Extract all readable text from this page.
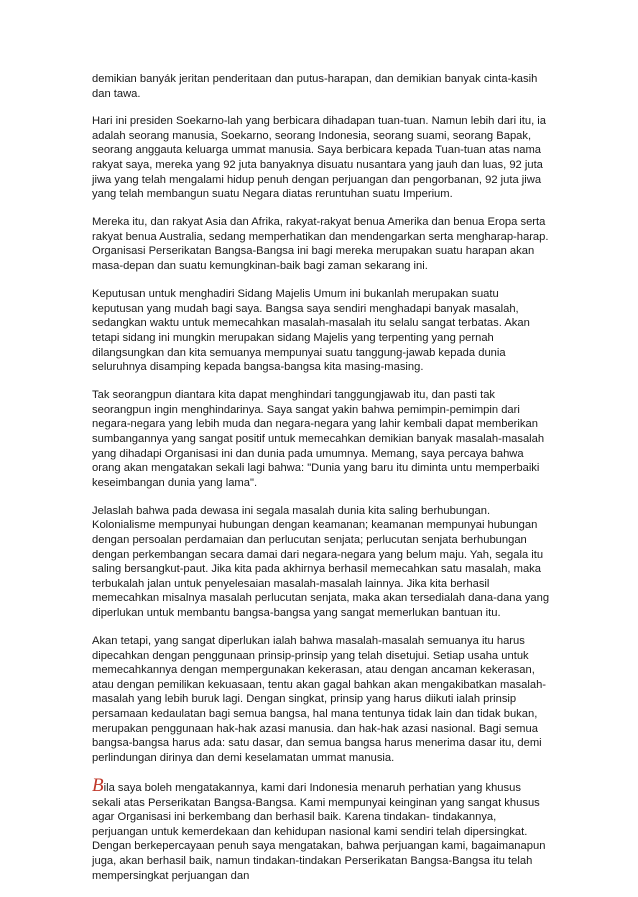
demikian banyák jeritan penderitaan dan putus-harapan, dan demikian banyak cinta-kasih dan tawa.

Hari ini presiden Soekarno-lah yang berbicara dihadapan tuan-tuan. Namun lebih dari itu, ia adalah seorang manusia, Soekarno, seorang Indonesia, seorang suami, seorang Bapak, seorang anggauta keluarga ummat manusia. Saya berbicara kepada Tuan-tuan atas nama rakyat saya, mereka yang 92 juta banyaknya disuatu nusantara yang jauh dan luas, 92 juta jiwa yang telah mengalami hidup penuh dengan perjuangan dan pengorbanan, 92 juta jiwa yang telah membangun suatu Negara diatas reruntuhan suatu Imperium.

Mereka itu, dan rakyat Asia dan Afrika, rakyat-rakyat benua Amerika dan benua Eropa serta rakyat benua Australia, sedang memperhatikan dan mendengarkan serta mengharap-harap. Organisasi Perserikatan Bangsa-Bangsa ini bagi mereka merupakan suatu harapan akan masa-depan dan suatu kemungkinan-baik bagi zaman sekarang ini.

Keputusan untuk menghadiri Sidang Majelis Umum ini bukanlah merupakan suatu keputusan yang mudah bagi saya. Bangsa saya sendiri menghadapi banyak masalah, sedangkan waktu untuk memecahkan masalah-masalah itu selalu sangat terbatas. Akan tetapi sidang ini mungkin merupakan sidang Majelis yang terpenting yang pernah dilangsungkan dan kita semuanya mempunyai suatu tanggung-jawab kepada dunia seluruhnya disamping kepada bangsa-bangsa kita masing-masing.

Tak seorangpun diantara kita dapat menghindari tanggungjawab itu, dan pasti tak seorangpun ingin menghindarinya. Saya sangat yakin bahwa pemimpin-pemimpin dari negara-negara yang lebih muda dan negara-negara yang lahir kembali dapat memberikan sumbangannya yang sangat positif untuk memecahkan demikian banyak masalah-masalah yang dihadapi Organisasi ini dan dunia pada umumnya. Memang, saya percaya bahwa orang akan mengatakan sekali lagi bahwa: "Dunia yang baru itu diminta untu memperbaiki keseimbangan dunia yang lama".

Jelaslah bahwa pada dewasa ini segala masalah dunia kita saling berhubungan. Kolonialisme mempunyai hubungan dengan keamanan; keamanan mempunyai hubungan dengan persoalan perdamaian dan perlucutan senjata; perlucutan senjata berhubungan dengan perkembangan secara damai dari negara-negara yang belum maju. Yah, segala itu saling bersangkut-paut. Jika kita pada akhirnya berhasil memecahkan satu masalah, maka terbukalah jalan untuk penyelesaian masalah-masalah lainnya. Jika kita berhasil memecahkan misalnya masalah perlucutan senjata, maka akan tersedialah dana-dana yang diperlukan untuk membantu bangsa-bangsa yang sangat memerlukan bantuan itu.

Akan tetapi, yang sangat diperlukan ialah bahwa masalah-masalah semuanya itu harus dipecahkan dengan penggunaan prinsip-prinsip yang telah disetujui. Setiap usaha untuk memecahkannya dengan mempergunakan kekerasan, atau dengan ancaman kekerasan, atau dengan pemilikan kekuasaan, tentu akan gagal bahkan akan mengakibatkan masalah-masalah yang lebih buruk lagi. Dengan singkat, prinsip yang harus diikuti ialah prinsip persamaan kedaulatan bagi semua bangsa, hal mana tentunya tidak lain dan tidak bukan, merupakan penggunaan hak-hak azasi manusia. dan hak-hak azasi nasional. Bagi semua bangsa-bangsa harus ada: satu dasar, dan semua bangsa harus menerima dasar itu, demi perlindungan dirinya dan demi keselamatan ummat manusia.

Bila saya boleh mengatakannya, kami dari Indonesia menaruh perhatian yang khusus sekali atas Perserikatan Bangsa-Bangsa. Kami mempunyai keinginan yang sangat khusus agar Organisasi ini berkembang dan berhasil baik. Karena tindakan- tindakannya, perjuangan untuk kemerdekaan dan kehidupan nasional kami sendiri telah dipersingkat. Dengan berkepercayaan penuh saya mengatakan, bahwa perjuangan kami, bagaimanapun juga, akan berhasil baik, namun tindakan-tindakan Perserikatan Bangsa-Bangsa itu telah mempersingkat perjuangan dan
